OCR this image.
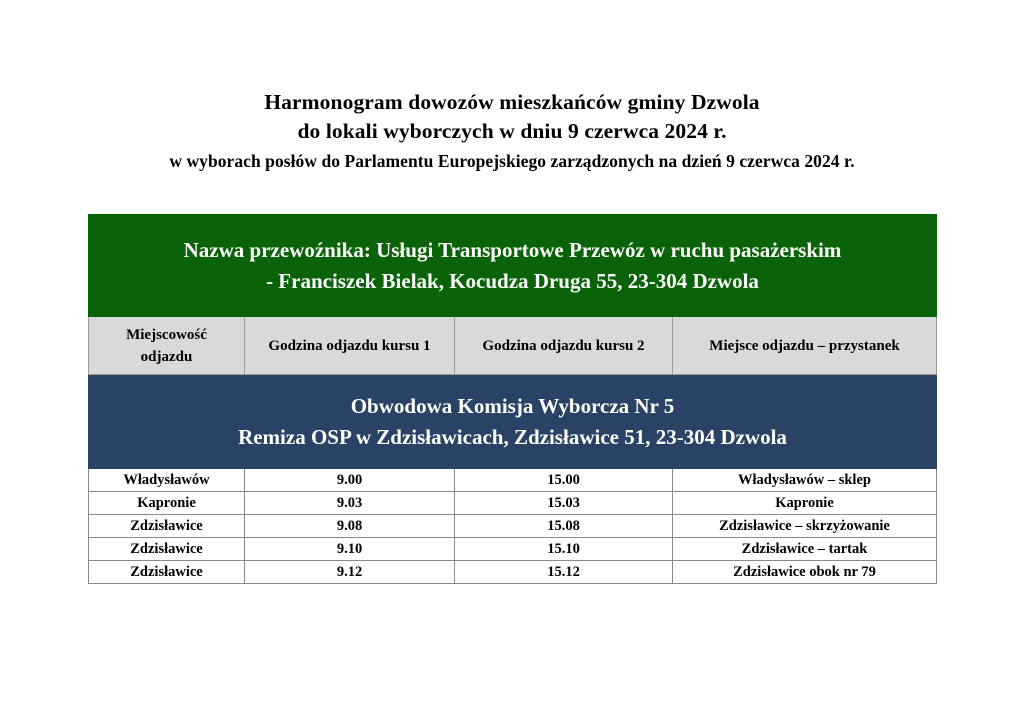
Harmonogram dowozów mieszkańców gminy Dzwola
do lokali wyborczych w dniu 9 czerwca 2024 r.
w wyborach posłów do Parlamentu Europejskiego zarządzonych na dzień 9 czerwca 2024 r.
Nazwa przewoźnika: Usługi Transportowe Przewóz w ruchu pasażerskim
- Franciszek Bielak, Kocudza Druga 55, 23-304 Dzwola			

Miejscowość
odjazdu	Godzina odjazdu kursu 1	Godzina odjazdu kursu 2	Miejsce odjazdu – przystanek

Obwodowa Komisja Wyborcza Nr 5
Remiza OSP w Zdzisławicach, Zdzisławice 51, 23-304 Dzwola			

Władysławów	9.00	15.00	Władysławów – sklep
Kapronie	9.03	15.03	Kapronie
Zdzisławice	9.08	15.08	Zdzisławice – skrzyżowanie
Zdzisławice	9.10	15.10	Zdzisławice – tartak
Zdzisławice	9.12	15.12	Zdzisławice obok nr 79
